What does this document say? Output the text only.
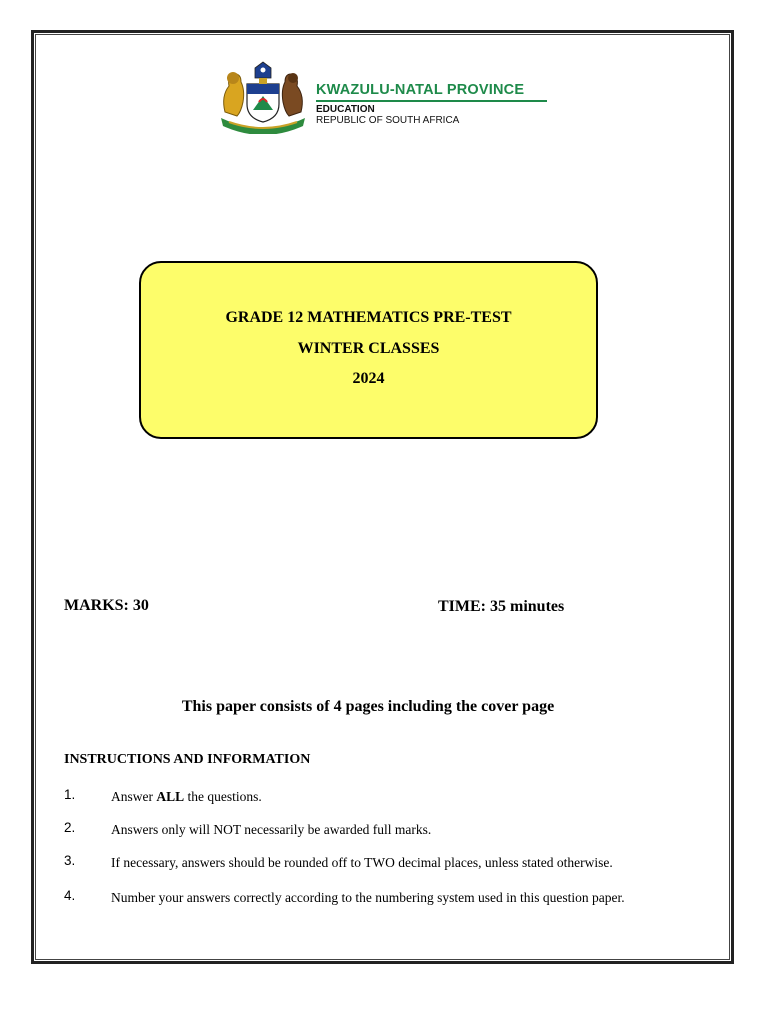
KWAZULU-NATAL PROVINCE
EDUCATION
REPUBLIC OF SOUTH AFRICA
GRADE 12 MATHEMATICS PRE-TEST
WINTER CLASSES
2024
MARKS: 30	TIME: 35 minutes
This paper consists of 4 pages including the cover page
INSTRUCTIONS AND INFORMATION
1.	Answer ALL the questions.
2.	Answers only will NOT necessarily be awarded full marks.
3.	If necessary, answers should be rounded off to TWO decimal places, unless stated otherwise.
4.	Number your answers correctly according to the numbering system used in this question paper.
